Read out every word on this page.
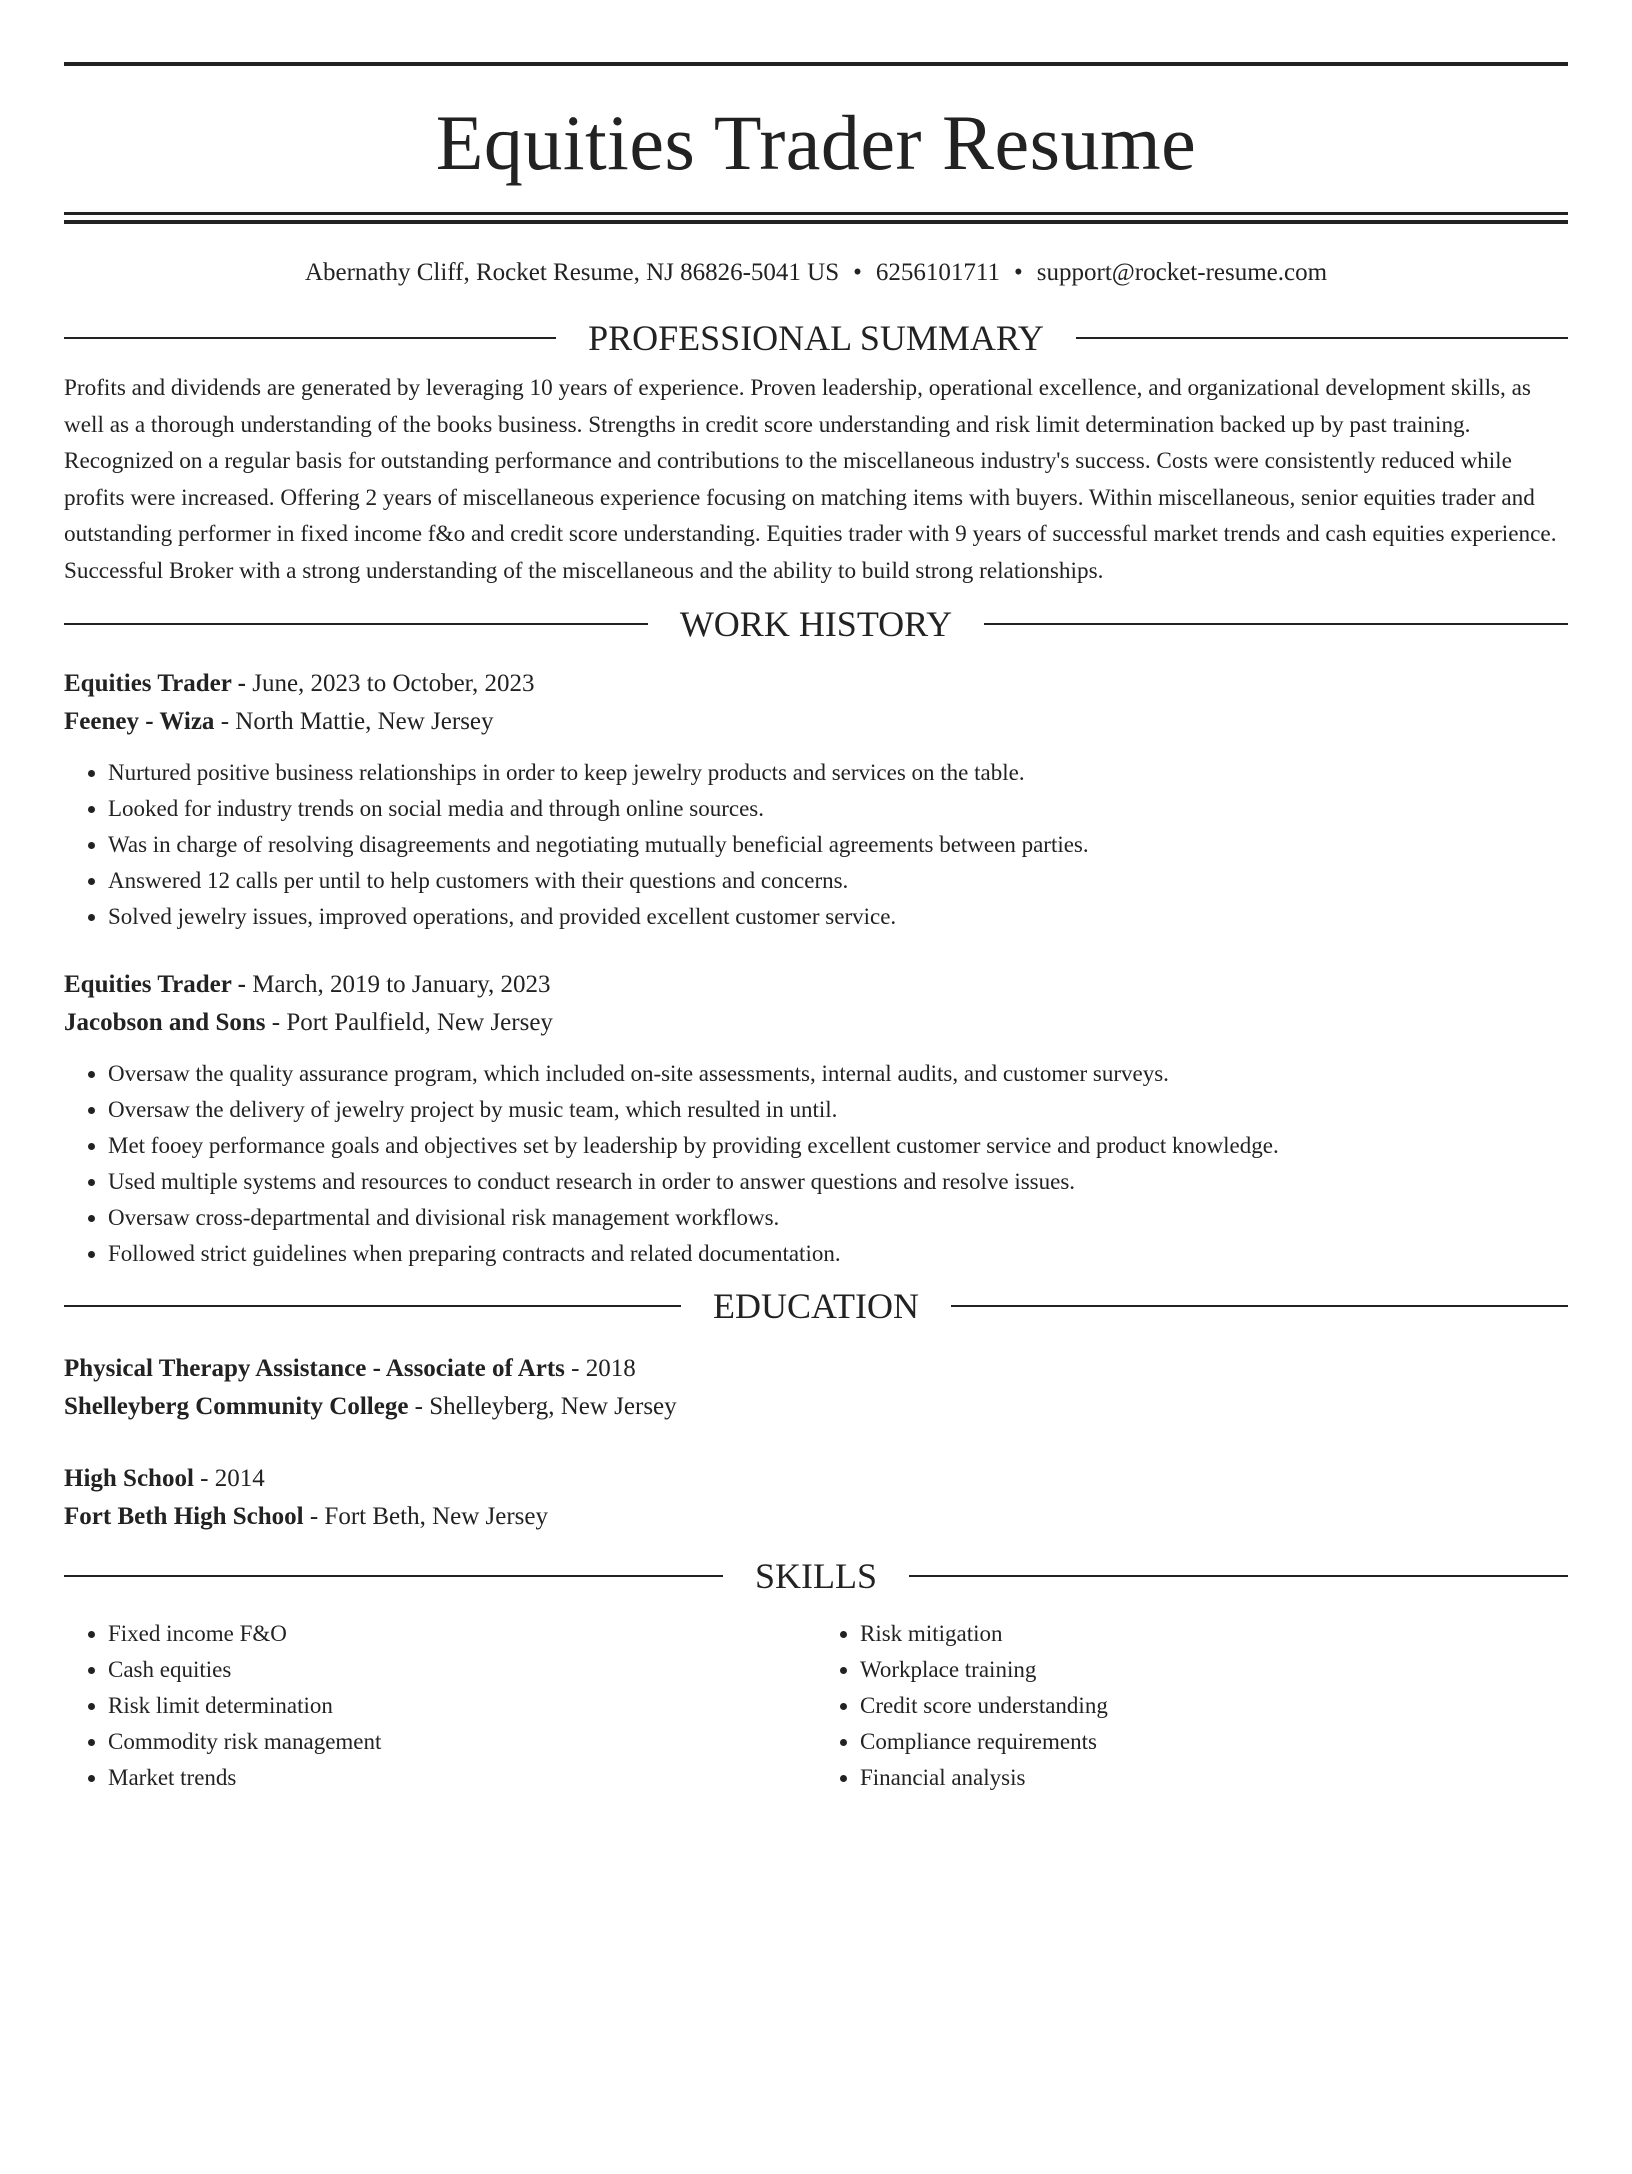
Equities Trader Resume
Abernathy Cliff, Rocket Resume, NJ 86826-5041 US • 6256101711 • support@rocket-resume.com
PROFESSIONAL SUMMARY

Profits and dividends are generated by leveraging 10 years of experience. Proven leadership, operational excellence, and organizational development skills, as well as a thorough understanding of the books business. Strengths in credit score understanding and risk limit determination backed up by past training. Recognized on a regular basis for outstanding performance and contributions to the miscellaneous industry's success. Costs were consistently reduced while profits were increased. Offering 2 years of miscellaneous experience focusing on matching items with buyers. Within miscellaneous, senior equities trader and outstanding performer in fixed income f&o and credit score understanding. Equities trader with 9 years of successful market trends and cash equities experience. Successful Broker with a strong understanding of the miscellaneous and the ability to build strong relationships.

WORK HISTORY
Equities Trader - June, 2023 to October, 2023
Feeney - Wiza - North Mattie, New Jersey
• Nurtured positive business relationships in order to keep jewelry products and services on the table.
• Looked for industry trends on social media and through online sources.
• Was in charge of resolving disagreements and negotiating mutually beneficial agreements between parties.
• Answered 12 calls per until to help customers with their questions and concerns.
• Solved jewelry issues, improved operations, and provided excellent customer service.
Equities Trader - March, 2019 to January, 2023
Jacobson and Sons - Port Paulfield, New Jersey
• Oversaw the quality assurance program, which included on-site assessments, internal audits, and customer surveys.
• Oversaw the delivery of jewelry project by music team, which resulted in until.
• Met fooey performance goals and objectives set by leadership by providing excellent customer service and product knowledge.
• Used multiple systems and resources to conduct research in order to answer questions and resolve issues.
• Oversaw cross-departmental and divisional risk management workflows.
• Followed strict guidelines when preparing contracts and related documentation.
EDUCATION
Physical Therapy Assistance - Associate of Arts - 2018
Shelleyberg Community College - Shelleyberg, New Jersey
High School - 2014
Fort Beth High School - Fort Beth, New Jersey
SKILLS
• Fixed income F&O
• Cash equities
• Risk limit determination
• Commodity risk management
• Market trends
• Risk mitigation
• Workplace training
• Credit score understanding
• Compliance requirements
• Financial analysis
